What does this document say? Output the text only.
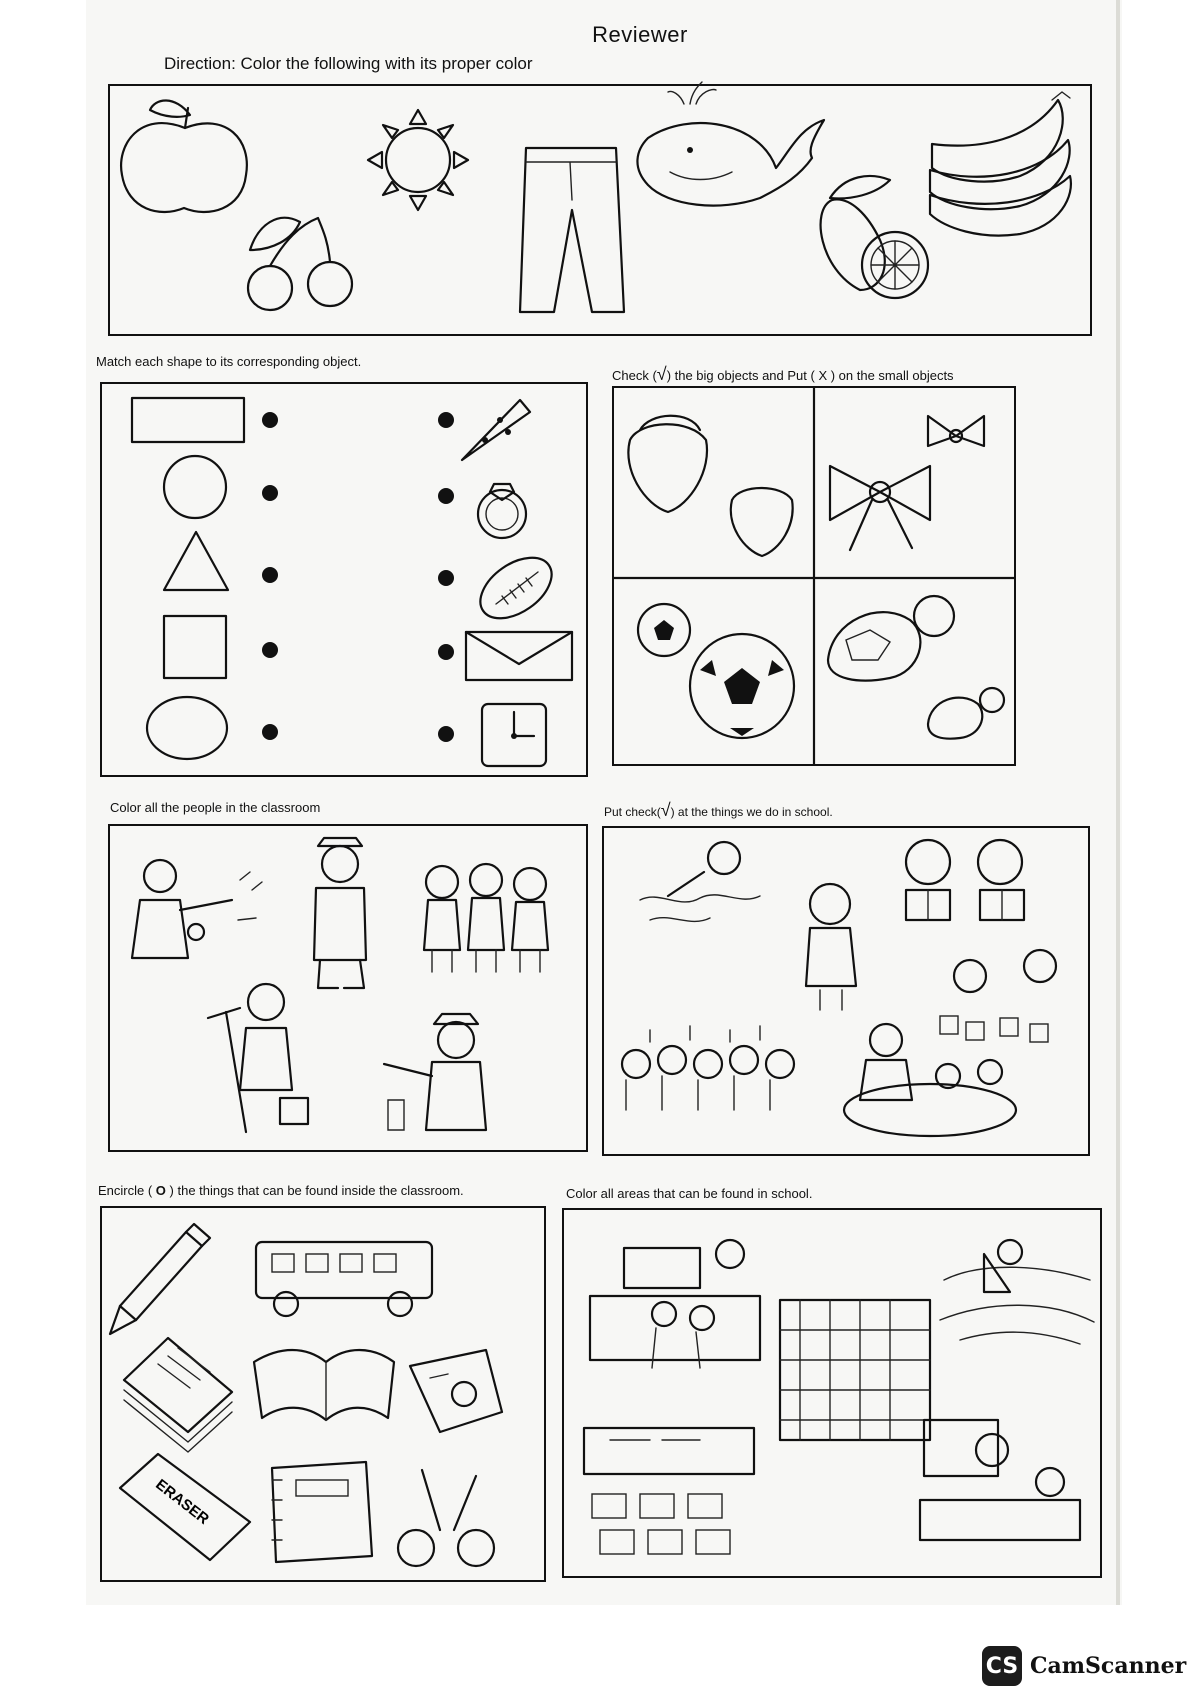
Reviewer
Direction: Color the following with its proper color
Match each shape to its corresponding object.
Check (√) the big objects and Put ( X ) on the small objects
Color all the people in the classroom	Put check(√) at the things we do in school.
Encircle ( O ) the things that can be found inside the classroom.
ERASER
Color all areas that can be found in school.
CS CamScanner
